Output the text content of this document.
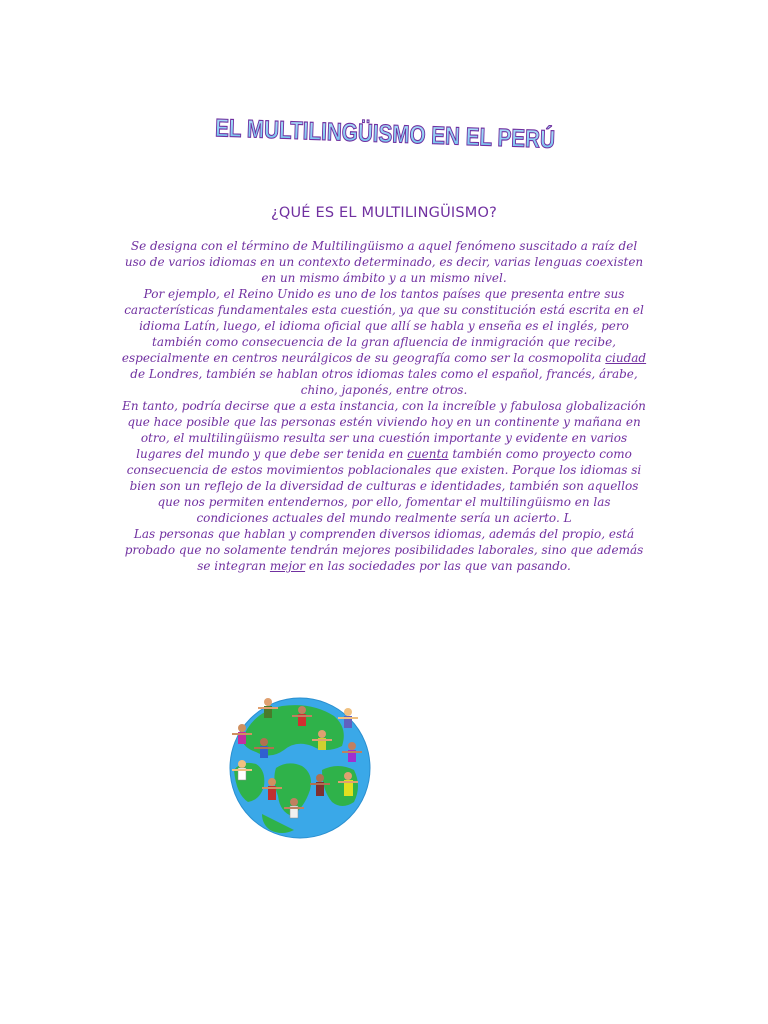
EL MULTILINGÜISMO EN EL PERÚ
¿QUÉ ES EL MULTILINGÜISMO?

Se designa con el término de Multilingüismo a aquel fenómeno suscitado a raíz del uso de varios idiomas en un contexto determinado, es decir, varias lenguas coexisten en un mismo ámbito y a un mismo nivel.

Por ejemplo, el Reino Unido es uno de los tantos países que presenta entre sus características fundamentales esta cuestión, ya que su constitución está escrita en el idioma Latín, luego, el idioma oficial que allí se habla y enseña es el inglés, pero también como consecuencia de la gran afluencia de inmigración que recibe, especialmente en centros neurálgicos de su geografía como ser la cosmopolita ciudad de Londres, también se hablan otros idiomas tales como el español, francés, árabe, chino, japonés, entre otros.

En tanto, podría decirse que a esta instancia, con la increíble y fabulosa globalización que hace posible que las personas estén viviendo hoy en un continente y mañana en otro, el multilingüismo resulta ser una cuestión importante y evidente en varios lugares del mundo y que debe ser tenida en cuenta también como proyecto como consecuencia de estos movimientos poblacionales que existen. Porque los idiomas si bien son un reflejo de la diversidad de culturas e identidades, también son aquellos que nos permiten entendernos, por ello, fomentar el multilingüismo en las condiciones actuales del mundo realmente sería un acierto. L

Las personas que hablan y comprenden diversos idiomas, además del propio, está probado que no solamente tendrán mejores posibilidades laborales, sino que además se integran mejor en las sociedades por las que van pasando.
